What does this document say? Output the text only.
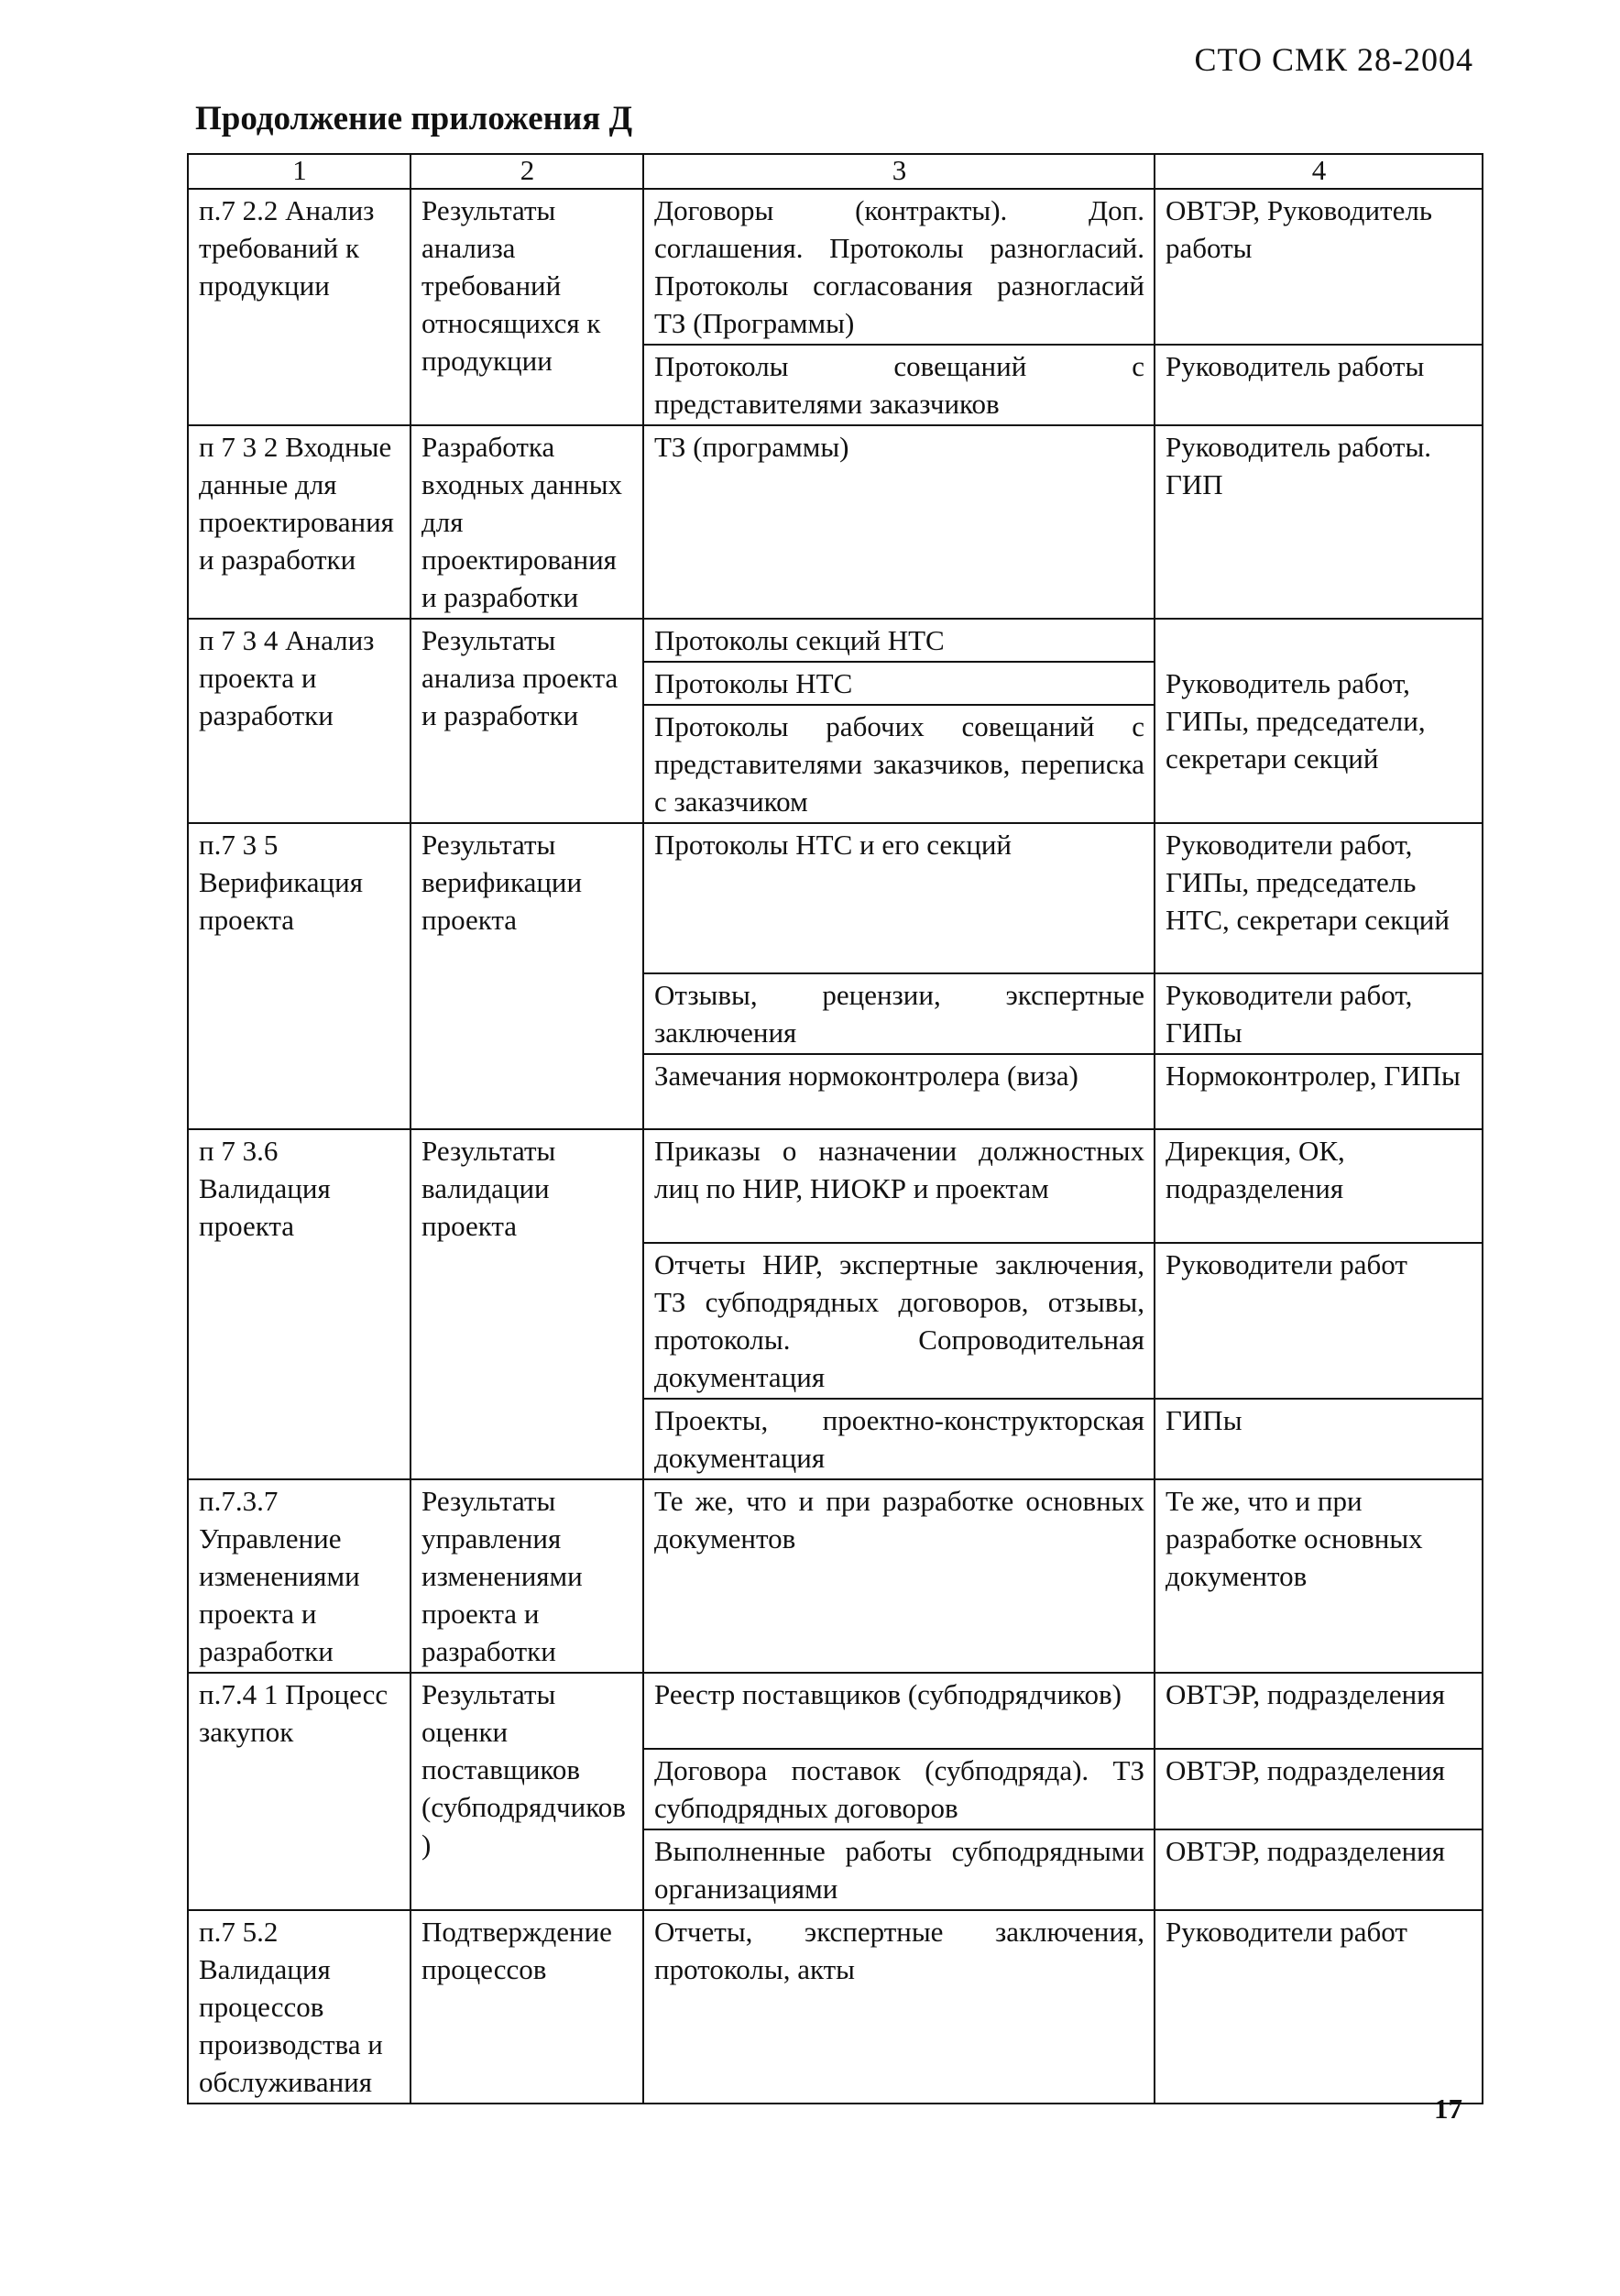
СТО СМК 28-2004
Продолжение приложения Д
1	2	3	4
п.7 2.2 Анализ требований к продукции	Результаты анализа требований относящихся к продукции	Договоры (контракты). Доп. соглашения. Протоколы разногласий. Протоколы согласования разногласий ТЗ (Программы)	ОВТЭР, Руководитель работы
		Протоколы совещаний с представителями заказчиков	Руководитель работы
п 7 3 2 Входные данные для проектирования и разработки	Разработка входных данных для проектирования и разработки	ТЗ (программы)	Руководитель работы. ГИП
п 7 3 4 Анализ проекта и разработки	Результаты анализа проекта и разработки	Протоколы секций НТС	Руководитель работ, ГИПы, председатели, секретари секций
		Протоколы НТС	
		Протоколы рабочих совещаний с представителями заказчиков, переписка с заказчиком	
п.7 3 5 Верификация проекта	Результаты верификации проекта	Протоколы НТС и его секций	Руководители работ, ГИПы, председатель НТС, секретари секций
		Отзывы, рецензии, экспертные заключения	Руководители работ, ГИПы
		Замечания нормоконтролера (виза)	Нормоконтролер, ГИПы
п 7 3.6 Валидация проекта	Результаты валидации проекта	Приказы о назначении должностных лиц по НИР, НИОКР и проектам	Дирекция, ОК, подразделения
		Отчеты НИР, экспертные заключения, ТЗ субподрядных договоров, отзывы, протоколы. Сопроводительная документация	Руководители работ
		Проекты, проектно-конструкторская документация	ГИПы
п.7.3.7 Управление изменениями проекта и разработки	Результаты управления изменениями проекта и разработки	Те же, что и при разработке основных документов	Те же, что и при разработке основных документов
п.7.4 1 Процесс закупок	Результаты оценки поставщиков (субподрядчиков)	Реестр поставщиков (субподрядчиков)	ОВТЭР, подразделения
		Договора поставок (субподряда). ТЗ субподрядных договоров	ОВТЭР, подразделения
		Выполненные работы субподрядными организациями	ОВТЭР, подразделения
п.7 5.2 Валидация процессов производства и обслуживания	Подтверждение процессов	Отчеты, экспертные заключения, протоколы, акты	Руководители работ
17
